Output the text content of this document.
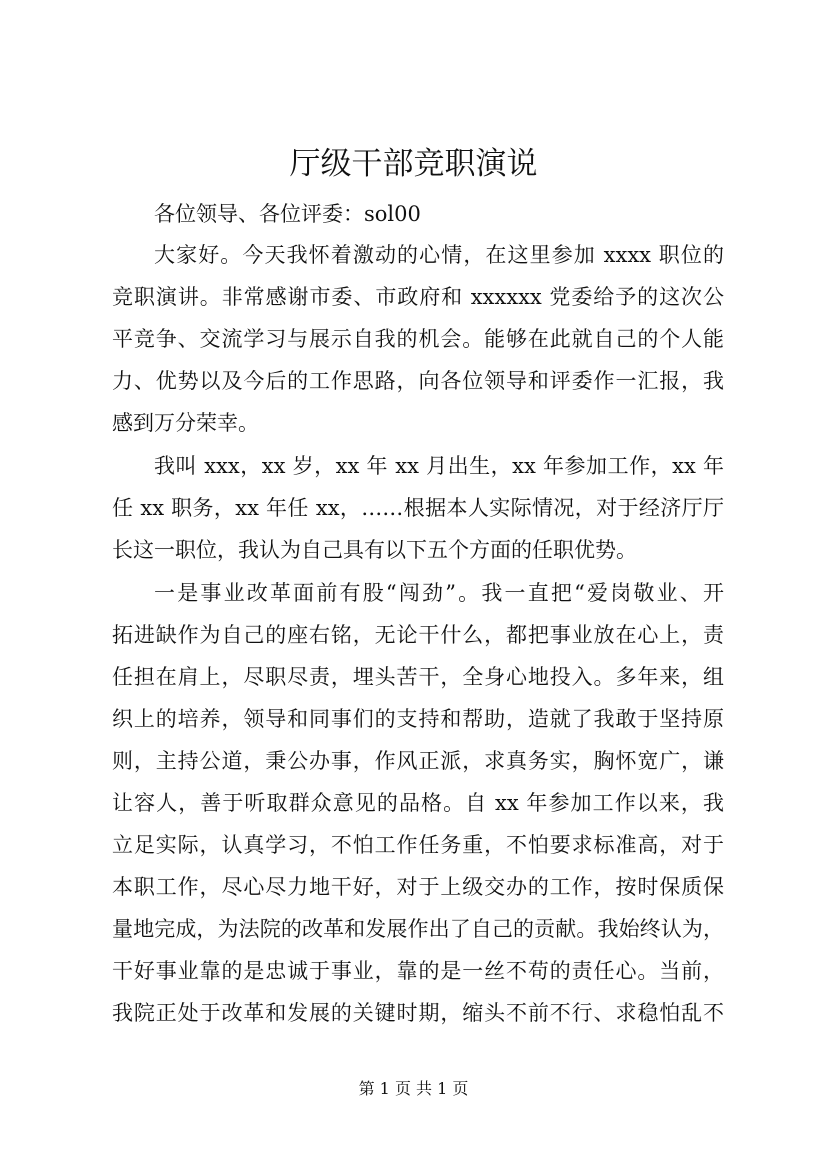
厅级干部竞职演说

各位领导、各位评委：sol00

大家好。今天我怀着激动的心情，在这里参加 xxxx 职位的

竞职演讲。非常感谢市委、市政府和 xxxxxx 党委给予的这次公

平竞争、交流学习与展示自我的机会。能够在此就自己的个人能

力、优势以及今后的工作思路，向各位领导和评委作一汇报，我

感到万分荣幸。

我叫 xxx，xx 岁，xx 年 xx 月出生，xx 年参加工作，xx 年

任 xx 职务，xx 年任 xx，……根据本人实际情况，对于经济厅厅

长这一职位，我认为自己具有以下五个方面的任职优势。

一是事业改革面前有股“闯劲”。我一直把“爱岗敬业、开

拓进缺作为自己的座右铭，无论干什么，都把事业放在心上，责

任担在肩上，尽职尽责，埋头苦干，全身心地投入。多年来，组

织上的培养，领导和同事们的支持和帮助，造就了我敢于坚持原

则，主持公道，秉公办事，作风正派，求真务实，胸怀宽广，谦

让容人，善于听取群众意见的品格。自 xx 年参加工作以来，我

立足实际，认真学习，不怕工作任务重，不怕要求标准高，对于

本职工作，尽心尽力地干好，对于上级交办的工作，按时保质保

量地完成，为法院的改革和发展作出了自己的贡献。我始终认为，

干好事业靠的是忠诚于事业，靠的是一丝不苟的责任心。当前，

我院正处于改革和发展的关键时期，缩头不前不行、求稳怕乱不

第 1 页 共 1 页
